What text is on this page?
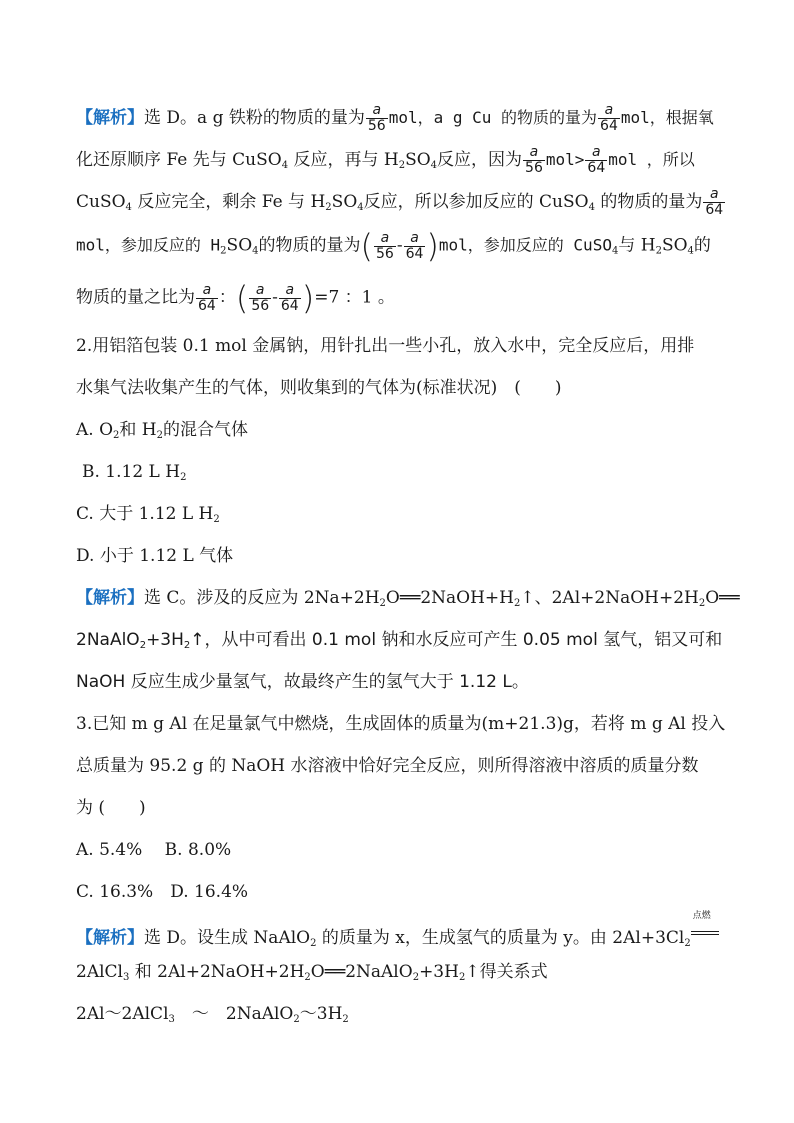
【解析】选 D。a g 铁粉的物质的量为 $\frac{a}{56}$ mol，a g Cu 的物质的量为 $\frac{a}{64}$ mol，根据氧
化还原顺序 Fe 先与 CuSO$_4$ 反应，再与 $H_2SO_4$反应，因为 $\frac{a}{56} mol> \frac{a}{64}$ mol ，所以
CuSO$_4$ 反应完全，剩余 Fe 与 $H_2SO_4$反应，所以参加反应的 CuSO$_4$ 的物质的量为 $\frac{a}{64}$
mol，参加反应的 $H_2SO_4$的物质的量为( $\frac{a}{56} - \frac{a}{64} )mol$，参加反应的 CuSO$_4$与 $H_2SO_4$的
物质的量之比为 $\frac{a}{64}$ ：( $\frac{a}{56} - \frac{a}{64} )=7$ ：1 。
2.用铝箔包装 0.1 mol 金属钠，用针扎出一些小孔，放入水中，完全反应后，用排
水集气法收集产生的气体，则收集到的气体为(标准状况)　(　　)
A. $O_2$和 $H_2$的混合气体
B. 1.12 L $H_2$
C. 大于 1.12 L $H_2$
D. 小于 1.12 L 气体
【解析】选 C。涉及的反应为 $2Na+2H_2O══2NaOH+H_2↑$、$2Al+2NaOH+2H_2O══$
$2NaAlO_2+3H_2↑$，从中可看出 0.1 mol 钠和水反应可产生 0.05 mol 氢气，铝又可和
NaOH 反应生成少量氢气，故最终产生的氢气大于 1.12 L。
3.已知 m g Al 在足量氯气中燃烧，生成固体的质量为(m+21.3)g，若将 m g Al 投入
总质量为 95.2 g 的 NaOH 水溶液中恰好完全反应，则所得溶液中溶质的质量分数
为 (　　)
A. 5.4%　 B. 8.0%
C. 16.3%　D. 16.4%
【解析】选 D。设生成 NaAlO$_2$ 的质量为 x，生成氢气的质量为 y。由 $2Al+3Cl_2$
点燃
2AlCl$_3$ 和 $2Al+2NaOH+2H_2O══2NaAlO_2+3H_2↑$得关系式
2Al～2AlCl$_3$　～　$2NaAlO_2\sim 3H_2$
